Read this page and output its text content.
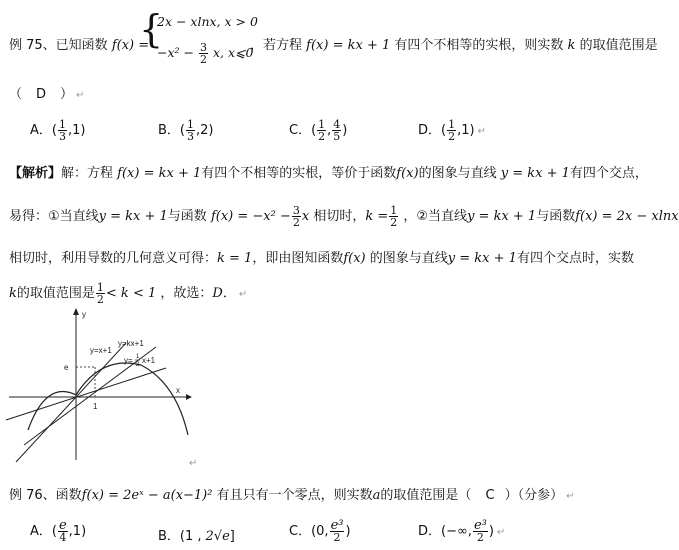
例 75、已知函数 f(x) =
{
2x − xlnx, x > 0
$-x^2 - \frac{3}{2} x$, x⩽0
，若方程 f(x) = kx + 1 有四个不相等的实根，则实数 k 的取值范围是
（ D ） ↵
A．( $\frac{1}{3} ,1$)	B．( $\frac{1}{3} ,2$)	C．( $\frac{1}{2}$ , $\frac{4}{5}$ )	D．( $\frac{1}{2} ,1$) ↵
【解析】解：方程 f(x) = kx + 1有四个不相等的实根，等价于函数f(x)的图象与直线 y = kx + 1有四个交点，
易得：①当直线y = kx + 1与函数 $f(x) = -x^2 - \frac{3}{2}$ x 相切时，$k = \frac{1}{2}$ ，②当直线y = kx + 1与函数f(x) = 2x − xlnx
相切时，利用导数的几何意义可得：k = 1，即由图知函数f(x) 的图象与直线y = kx + 1有四个交点时，实数
k的取值范围是 $\frac{1}{2} < k < 1$ ，故选：D． ↵
y
x
1
e
y=x+1
y=kx+1
y= 1
2 x+1
↵
例 76、函数f(x) = 2eˣ − a(x−1)² 有且只有一个零点，则实数a的取值范围是（ C ）（分参） ↵
A．( $\frac{e}{4} ,1$)	B．(1 , 2√e]	C．(0, $\frac{\text{e³}}{2}$ )	D．(−∞, $\frac{\text{e³}}{2}$ ) ↵
